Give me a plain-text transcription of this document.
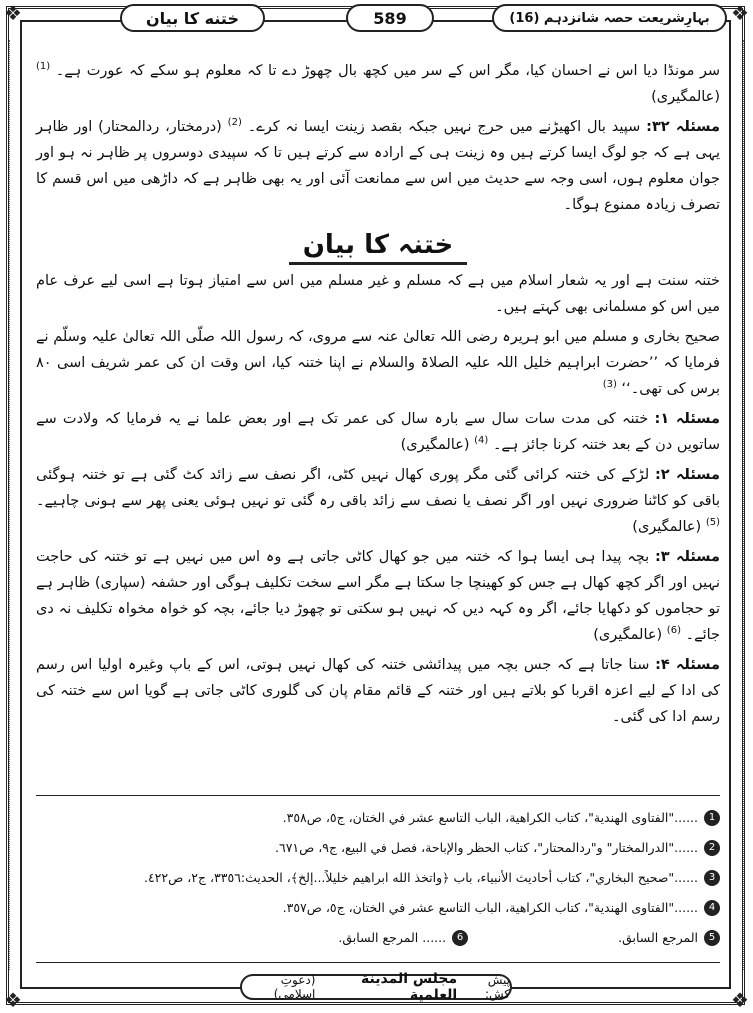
❖	❖
❖	❖
ختنه کا بیان	589	بہارِشریعت حصہ شانزدہم (16)

سر مونڈا دیا اس نے احسان کیا، مگر اس کے سر میں کچھ بال چھوڑ دے تا کہ معلوم ہو سکے کہ عورت ہے۔ $^{(1)}$ (عالمگیری)

مسئلہ ۳۲: سپید بال اکھیڑنے میں حرج نہیں جبکہ بقصد زینت ایسا نہ کرے۔ $^{(2)}$ (درمختار، ردالمحتار) اور ظاہر یہی ہے کہ جو لوگ ایسا کرتے ہیں وہ زینت ہی کے ارادہ سے کرتے ہیں تا کہ سپیدی دوسروں پر ظاہر نہ ہو اور جوان معلوم ہوں، اسی وجہ سے حدیث میں اس سے ممانعت آئی اور یہ بھی ظاہر ہے کہ داڑھی میں اس قسم کا تصرف زیادہ ممنوع ہوگا۔

ختنہ کا بیان

ختنہ سنت ہے اور یہ شعار اسلام میں ہے کہ مسلم و غیر مسلم میں اس سے امتیاز ہوتا ہے اسی لیے عرف عام میں اس کو مسلمانی بھی کہتے ہیں۔

صحیح بخاری و مسلم میں ابو ہریرہ رضی اللہ تعالیٰ عنہ سے مروی، کہ رسول اللہ صلّی اللہ تعالیٰ علیہ وسلّم نے فرمایا کہ ’’حضرت ابراہیم خلیل اللہ علیہ الصلاۃ والسلام نے اپنا ختنہ کیا، اس وقت ان کی عمر شریف اسی ۸۰ برس کی تھی۔‘‘ $^{(3)}$

مسئلہ ۱: ختنہ کی مدت سات سال سے بارہ سال کی عمر تک ہے اور بعض علما نے یہ فرمایا کہ ولادت سے ساتویں دن کے بعد ختنہ کرنا جائز ہے۔ $^{(4)}$ (عالمگیری)

مسئلہ ۲: لڑکے کی ختنہ کرائی گئی مگر پوری کھال نہیں کٹی، اگر نصف سے زائد کٹ گئی ہے تو ختنہ ہوگئی باقی کو کاٹنا ضروری نہیں اور اگر نصف یا نصف سے زائد باقی رہ گئی تو نہیں ہوئی یعنی پھر سے ہونی چاہیے۔ $^{(5)}$ (عالمگیری)

مسئلہ ۳: بچہ پیدا ہی ایسا ہوا کہ ختنہ میں جو کھال کاٹی جاتی ہے وہ اس میں نہیں ہے تو ختنہ کی حاجت نہیں اور اگر کچھ کھال ہے جس کو کھینچا جا سکتا ہے مگر اسے سخت تکلیف ہوگی اور حشفہ (سپاری) ظاہر ہے تو حجاموں کو دکھایا جائے، اگر وہ کہہ دیں کہ نہیں ہو سکتی تو چھوڑ دیا جائے، بچہ کو خواہ مخواہ تکلیف نہ دی جائے۔ $^{(6)}$ (عالمگیری)

مسئلہ ۴: سنا جاتا ہے کہ جس بچہ میں پیدائشی ختنہ کی کھال نہیں ہوتی، اس کے باپ وغیرہ اولیا اس رسم کی ادا کے لیے اعزہ اقربا کو بلاتے ہیں اور ختنہ کے قائم مقام پان کی گلوری کاٹی جاتی ہے گویا اس سے ختنہ کی رسم ادا کی گئی۔

1
......"الفتاوی الهندیة"، کتاب الکراهیة، الباب التاسع عشر في الختان، ج٥، ص٣٥٨.
2
......"الدرالمختار" و"ردالمحتار"، کتاب الحظر والإباحة، فصل في البیع، ج٩، ص٦٧١.
3
......"صحیح البخاري"، کتاب أحادیث الأنبیاء، باب ﴿واتخذ الله ابراهیم خلیلاً...إلخ﴾، الحدیث:٣٣٥٦، ج٢، ص٤٢٢.
4
......"الفتاوی الهندیة"، کتاب الکراهیة، الباب التاسع عشر في الختان، ج٥، ص٣٥٧.
5
المرجع السابق.
6
...... المرجع السابق.
پیش کش:
مجلس المدینة العلمیة
(دعوتِ اسلامی)
